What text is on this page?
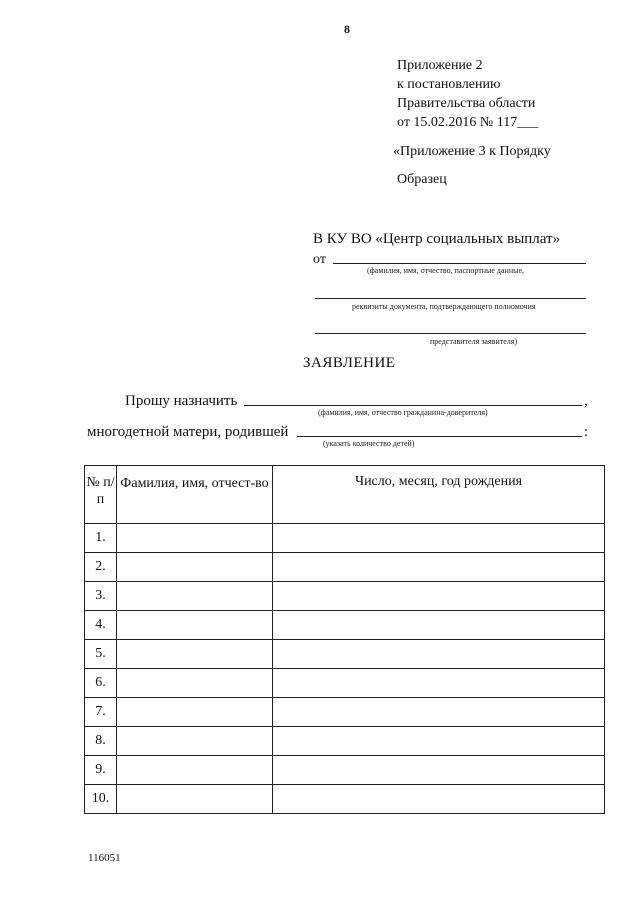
8
Приложение 2
к постановлению
Правительства области
от 15.02.2016 № 117___
«Приложение 3 к Порядку
Образец
В КУ ВО «Центр социальных выплат»
от
(фамилия, имя, отчество, паспортные данные,
реквизиты документа, подтверждающего полномочия
представителя заявителя)
ЗАЯВЛЕНИЕ
Прошу назначить	,
(фамилия, имя, отчество гражданина-доверителя)
многодетной матери, родившей	:
(указать количество детей)
№ п/п	Фамилия, имя, отчест-во	Число, месяц, год рождения
1.		
2.		
3.		
4.		
5.		
6.		
7.		
8.		
9.		
10.		
116051
